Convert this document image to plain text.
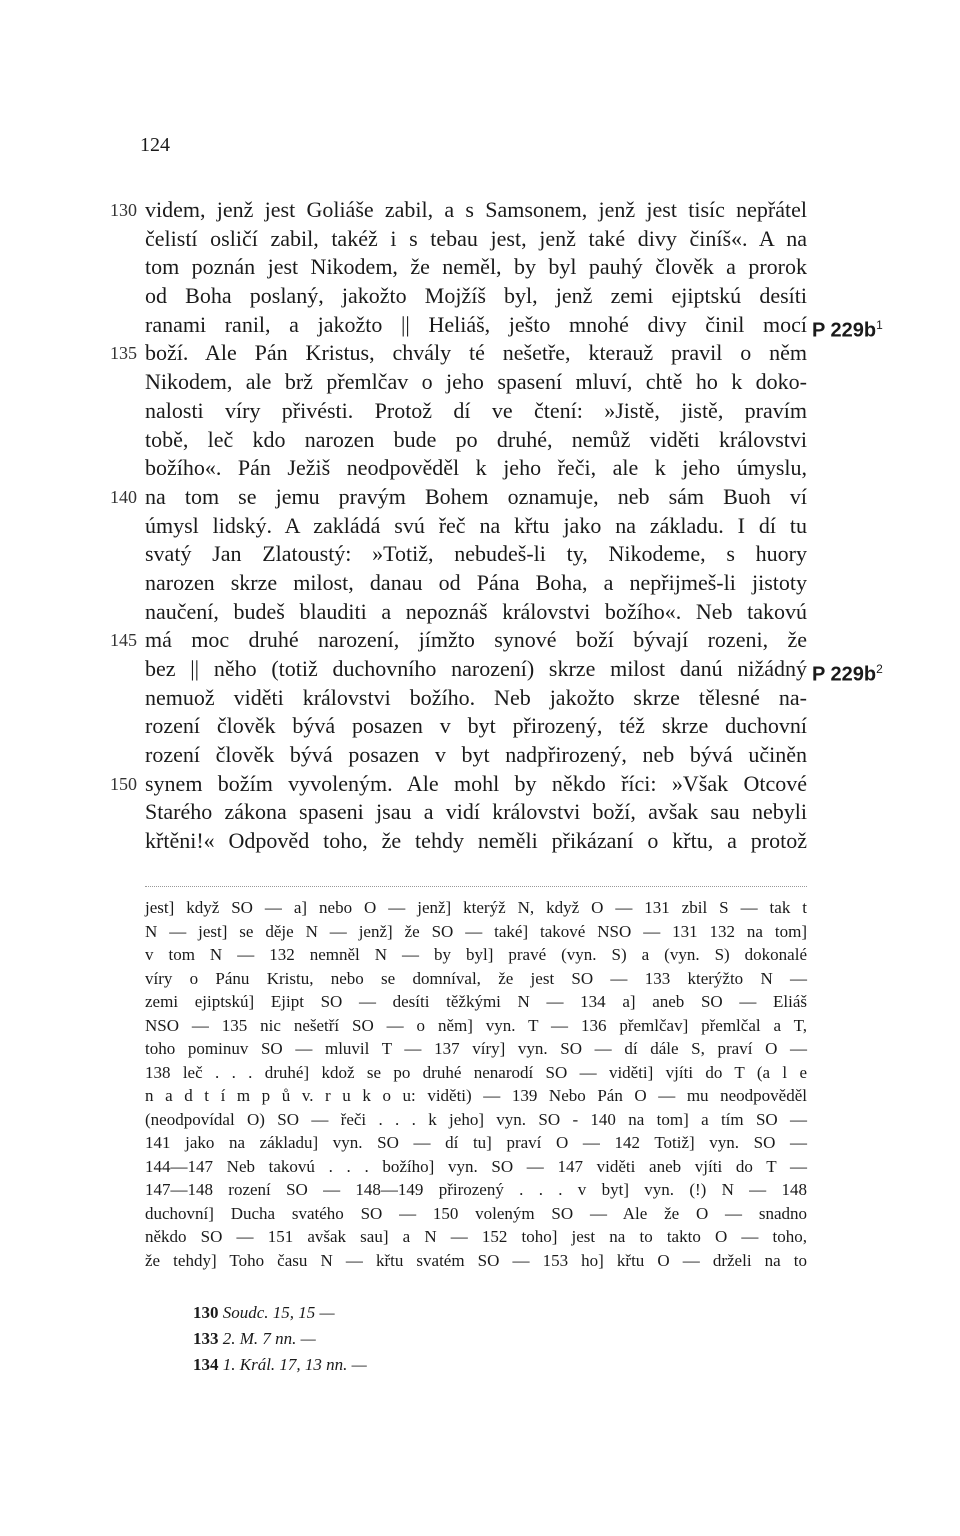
124
130 videm, jenž jest Goliáše zabil, a s Samsonem, jenž jest tisíc nepřátel
čelistí osličí zabil, takéž i s tebau jest, jenž také divy činíš«. A na
tom poznán jest Nikodem, že neměl, by byl pauhý člověk a prorok
od Boha poslaný, jakožto Mojžíš byl, jenž zemi ejiptskú desíti
ranami ranil, a jakožto || Heliáš, ješto mnohé divy činil mocí P $229b^1$
135 boží. Ale Pán Kristus, chvály té nešetře, kterauž pravil o něm
Nikodem, ale brž přemlčav o jeho spasení mluví, chtě ho k doko-
nalosti víry přivésti. Protož dí ve čtení: »Jistě, jistě, pravím
tobě, leč kdo narozen bude po druhé, nemůž viděti královstvi
božího«. Pán Ježiš neodpověděl k jeho řeči, ale k jeho úmyslu,
140 na tom se jemu pravým Bohem oznamuje, neb sám Buoh ví
úmysl lidský. A zakládá svú řeč na křtu jako na základu. I dí tu
svatý Jan Zlatoustý: »Totiž, nebudeš-li ty, Nikodeme, s huory
narozen skrze milost, danau od Pána Boha, a nepřijmeš-li jistoty
naučení, budeš blauditi a nepoznáš královstvi božího«. Neb takovú
145 má moc druhé narození, jímžto synové boží bývají rozeni, že
bez || něho (totiž duchovního narození) skrze milost danú nižádný P $229b^2$
nemuož viděti královstvi božího. Neb jakožto skrze tělesné na-
rození člověk bývá posazen v byt přirozený, též skrze duchovní
rození člověk bývá posazen v byt nadpřirozený, neb bývá učiněn
150 synem božím vyvoleným. Ale mohl by někdo říci: »Však Otcové
Starého zákona spaseni jsau a vidí královstvi boží, avšak sau nebyli
křtěni!« Odpověd toho, že tehdy neměli přikázaní o křtu, a protož
jest] když SO — a] nebo O — jenž] kterýž N, když O — 131 zbil S — tak t
N — jest] se děje N — jenž] že SO — také] takové NSO — 131 132 na tom]
v tom N — 132 nemněl N — by byl] pravé (vyn. S) a (vyn. S) dokonalé
víry o Pánu Kristu, nebo se domníval, že jest SO — 133 kterýžto N —
zemi ejiptskú] Ejipt SO — desíti těžkými N — 134 a] aneb SO — Eliáš
NSO — 135 nic nešetří SO — o něm] vyn. T — 136 přemlčav] přemlčal a T,
toho pominuv SO — mluvil T — 137 víry] vyn. SO — dí dále S, praví O —
138 leč . . . druhé] kdož se po druhé nenarodí SO — viděti] vjíti do T (a l e
n a d t í m p ů v. r u k o u: viděti) — 139 Nebo Pán O — mu neodpověděl
(neodpovídal O) SO — řeči . . . k jeho] vyn. SO - 140 na tom] a tím SO —
141 jako na základu] vyn. SO — dí tu] praví O — 142 Totiž] vyn. SO —
144—147 Neb takovú . . . božího] vyn. SO — 147 viděti aneb vjíti do T —
147—148 rození SO — 148—149 přirozený . . . v byt] vyn. (!) N — 148
duchovní] Ducha svatého SO — 150 voleným SO — Ale že O — snadno
někdo SO — 151 avšak sau] a N — 152 toho] jest na to takto O — toho,
že tehdy] Toho času N — křtu svatém SO — 153 ho] křtu O — drželi na to
130 Soudc. 15, 15 —
133 2. M. 7 nn. —
134 1. Král. 17, 13 nn. —
